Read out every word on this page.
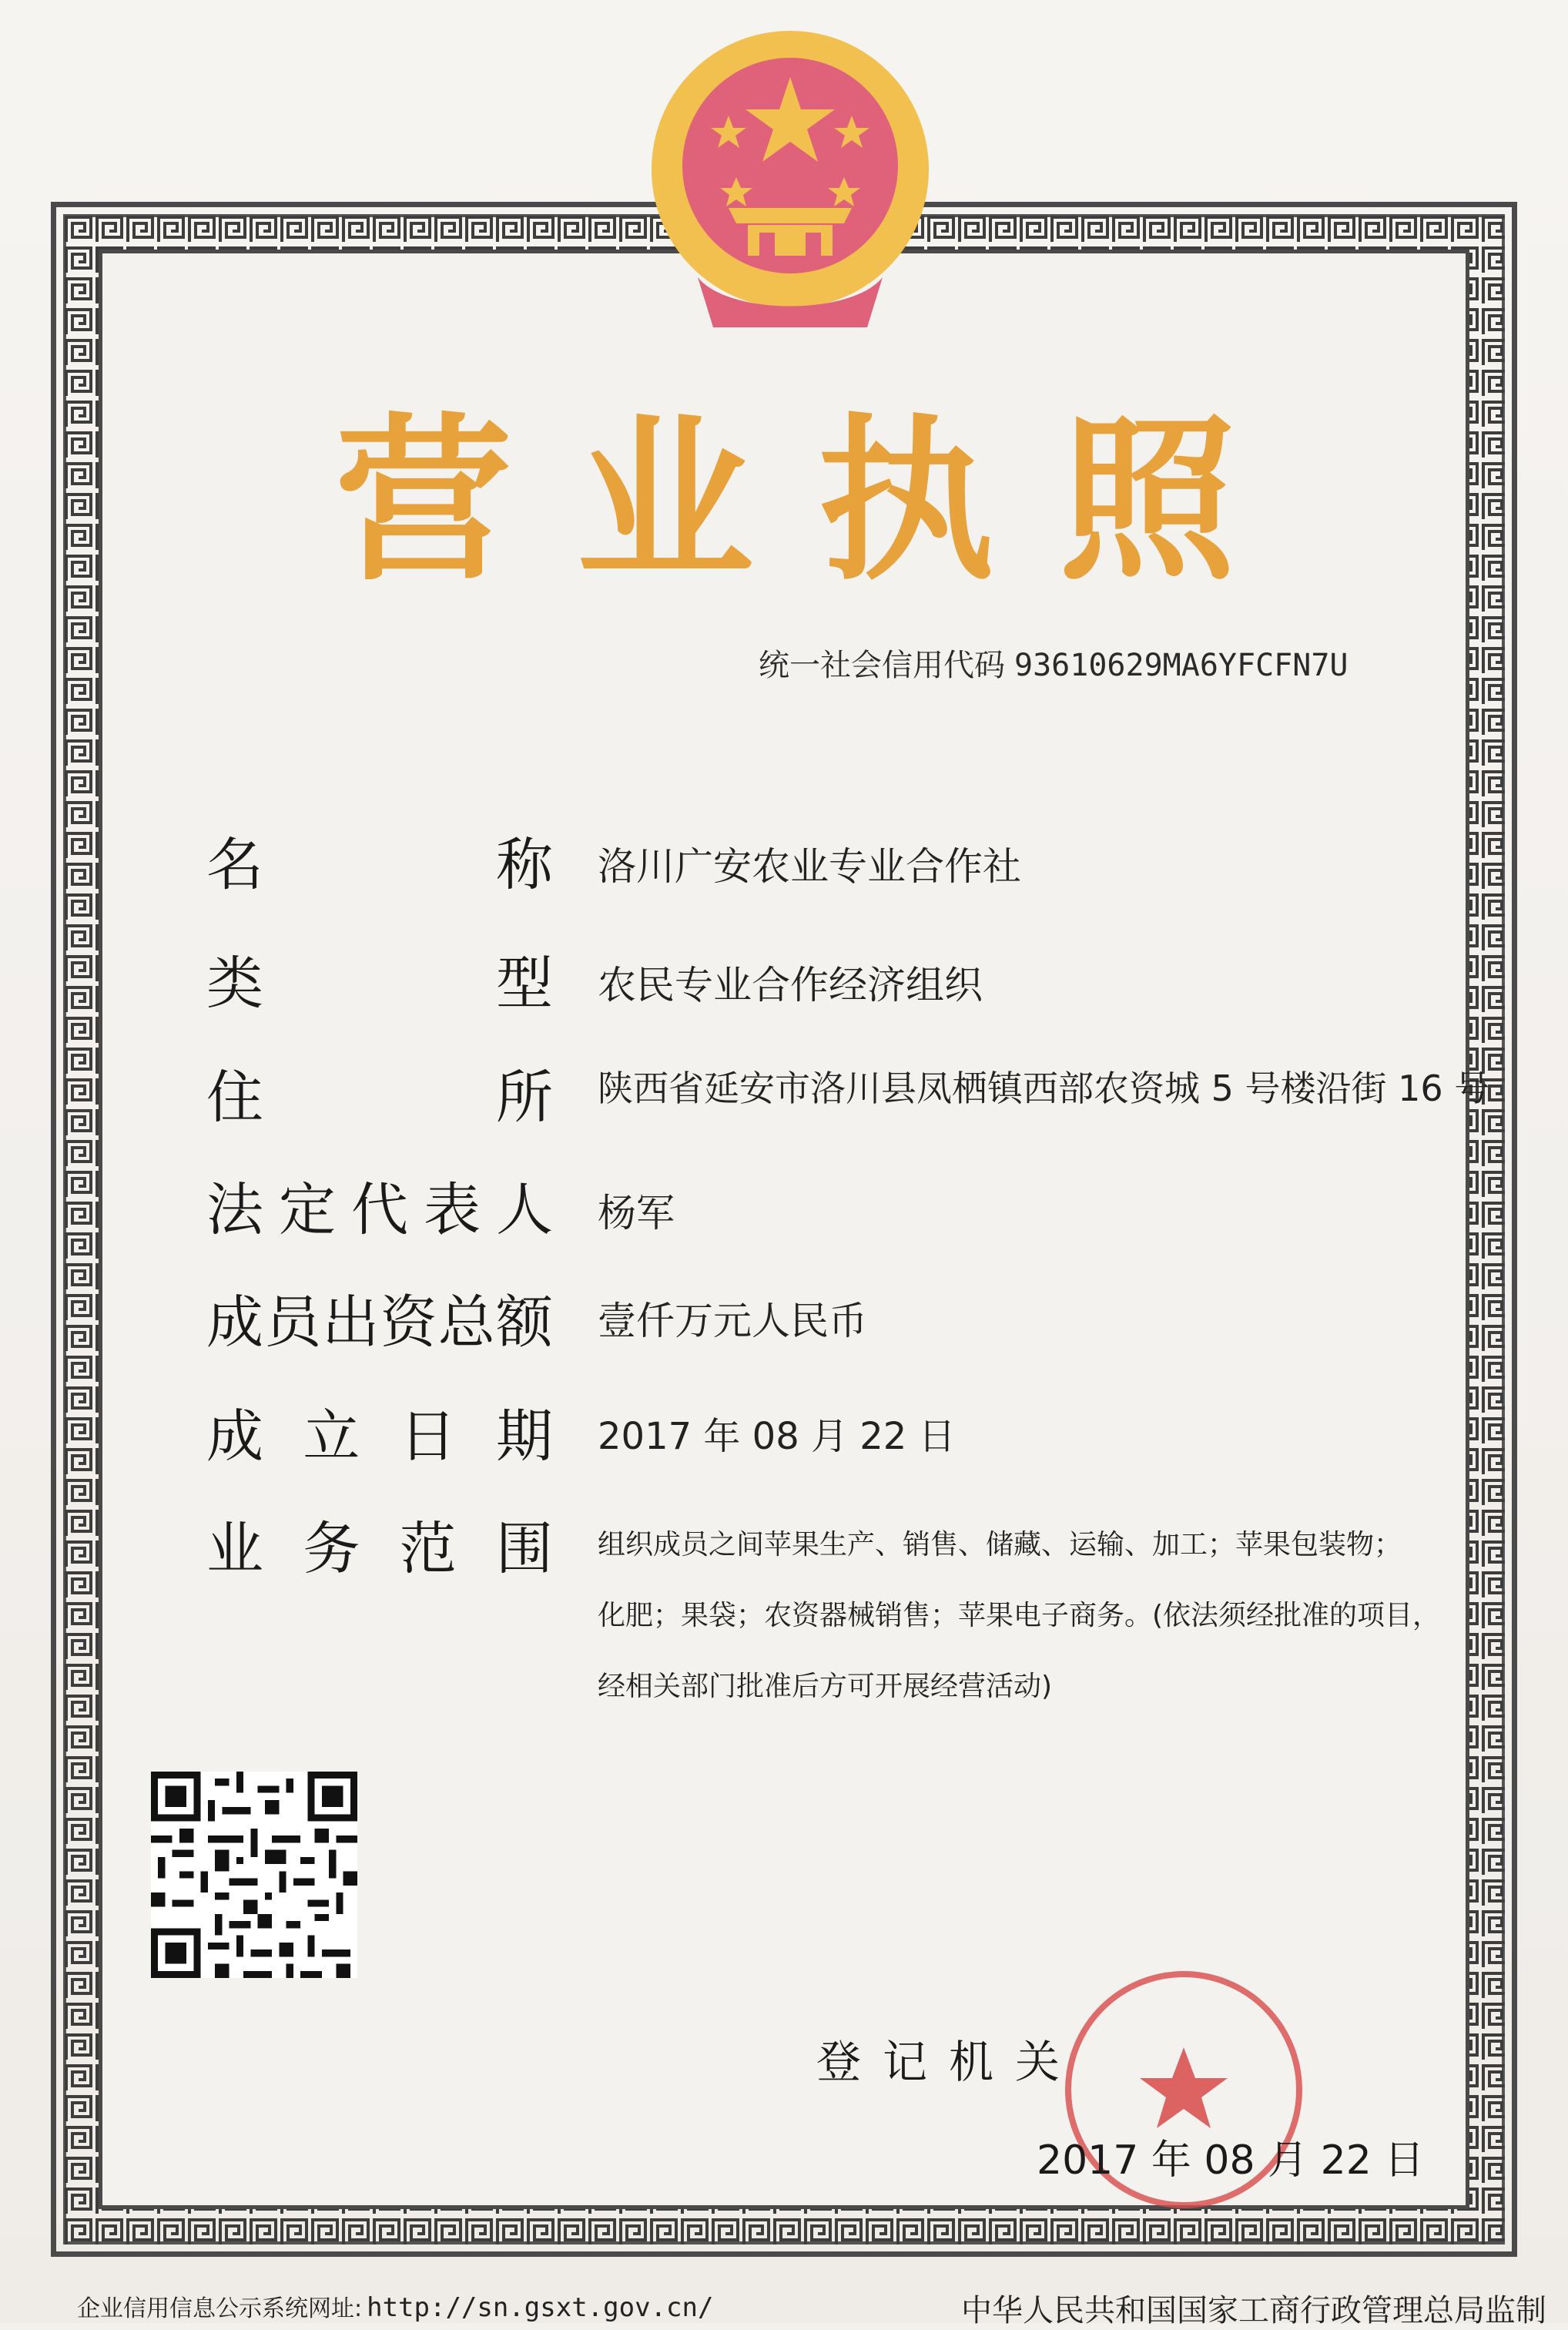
营 业 执 照
统一社会信用代码 93610629MA6YFCFN7U
名	称 洛川广安农业专业合作社
类	型 农民专业合作经济组织
住	所 陕西省延安市洛川县凤栖镇西部农资城 5 号楼沿街 16 号
法 定 代 表 人 杨军
成 员 出 资 总 额 壹仟万元人民币
成 立 日 期 2017 年 08 月 22 日
业 务 范 围 组织成员之间苹果生产、销售、储藏、运输、加工；苹果包装物；
化肥；果袋；农资器械销售；苹果电子商务。(依法须经批准的项目，
经相关部门批准后方可开展经营活动)
登记机关
2017 年 08 月 22 日
企业信用信息公示系统网址: http://sn.gsxt.gov.cn/	中华人民共和国国家工商行政管理总局监制
